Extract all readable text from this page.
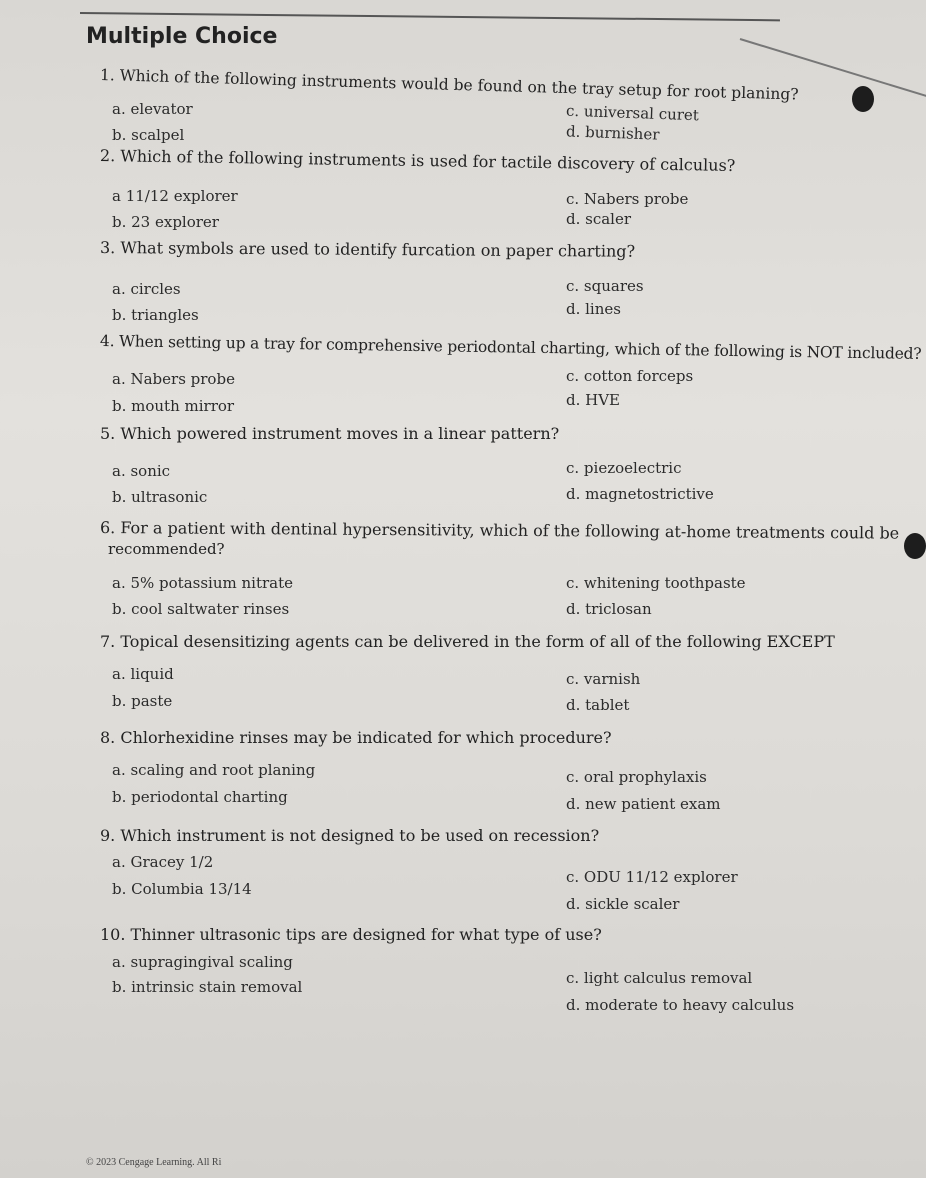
Multiple Choice
1. Which of the following instruments would be found on the tray setup for root planing?
a. elevator
b. scalpel
c. universal curet
d. burnisher
2. Which of the following instruments is used for tactile discovery of calculus?
a 11/12 explorer
b. 23 explorer
c. Nabers probe
d. scaler
3. What symbols are used to identify furcation on paper charting?
a. circles
b. triangles
c. squares
d. lines
4. When setting up a tray for comprehensive periodontal charting, which of the following is NOT included?
a. Nabers probe
b. mouth mirror
c. cotton forceps
d. HVE
5. Which powered instrument moves in a linear pattern?
a. sonic
b. ultrasonic
c. piezoelectric
d. magnetostrictive
6. For a patient with dentinal hypersensitivity, which of the following at-home treatments could be
recommended?
a. 5% potassium nitrate
b. cool saltwater rinses
c. whitening toothpaste
d. triclosan
7. Topical desensitizing agents can be delivered in the form of all of the following EXCEPT
a. liquid
b. paste
c. varnish
d. tablet
8. Chlorhexidine rinses may be indicated for which procedure?
a. scaling and root planing
b. periodontal charting
c. oral prophylaxis
d. new patient exam
9. Which instrument is not designed to be used on recession?
a. Gracey 1/2
b. Columbia 13/14
c. ODU 11/12 explorer
d. sickle scaler
10. Thinner ultrasonic tips are designed for what type of use?
a. supragingival scaling
b. intrinsic stain removal	c. light calculus removal
d. moderate to heavy calculus
© 2023 Cengage Learning. All Ri
